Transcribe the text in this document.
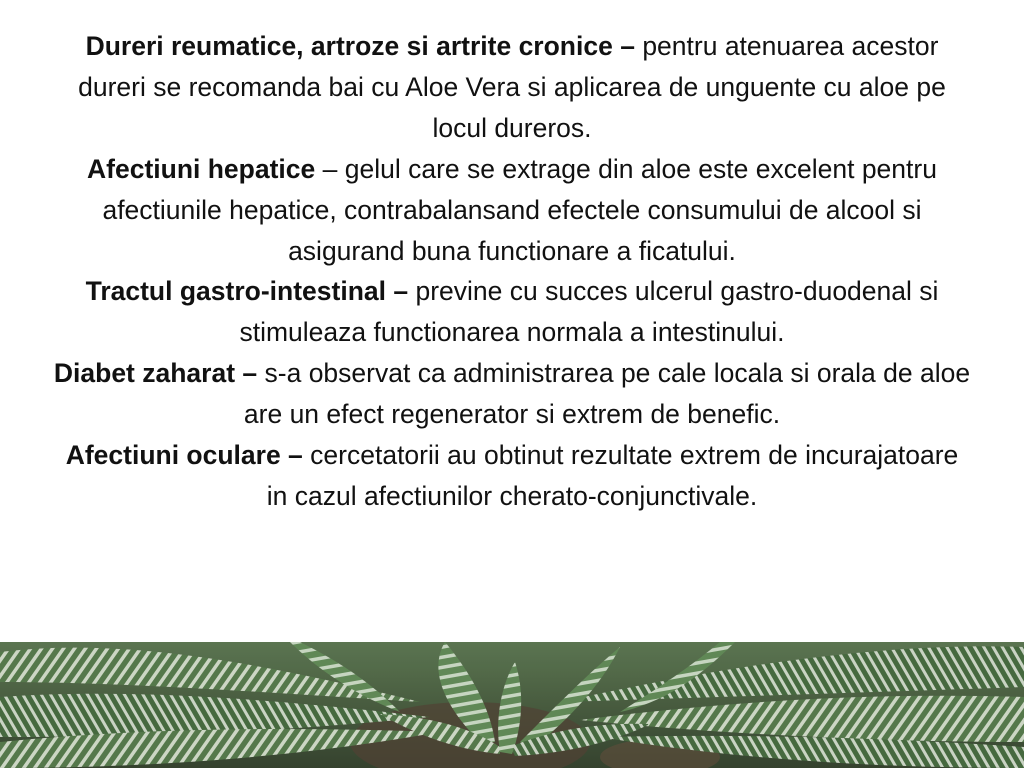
Dureri reumatice, artroze si artrite cronice – pentru atenuarea acestor dureri se recomanda bai cu Aloe Vera si aplicarea de unguente cu aloe pe locul dureros.

Afectiuni hepatice – gelul care se extrage din aloe este excelent pentru afectiunile hepatice, contrabalansand efectele consumului de alcool si asigurand buna functionare a ficatului.

Tractul gastro-intestinal – previne cu succes ulcerul gastro-duodenal si stimuleaza functionarea normala a intestinului.

Diabet zaharat – s-a observat ca administrarea pe cale locala si orala de aloe are un efect regenerator si extrem de benefic.

Afectiuni oculare – cercetatorii au obtinut rezultate extrem de incurajatoare in cazul afectiunilor cherato-conjunctivale.
